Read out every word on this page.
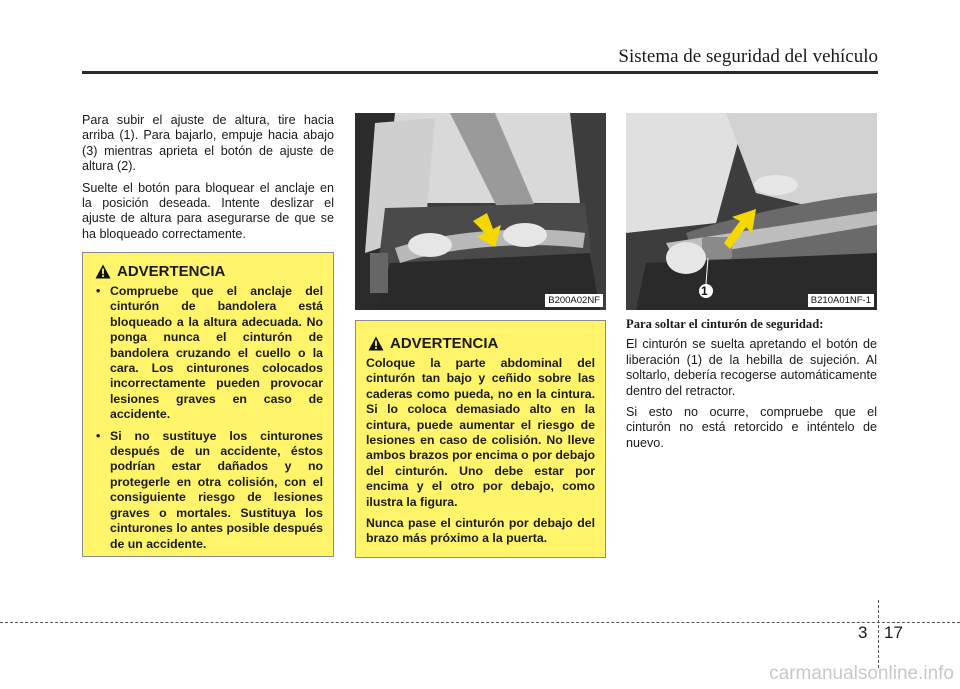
Sistema de seguridad del vehículo

Para subir el ajuste de altura, tire hacia arriba (1). Para bajarlo, empuje hacia abajo (3) mientras aprieta el botón de ajuste de altura (2).

Suelte el botón para bloquear el anclaje en la posición deseada. Intente deslizar el ajuste de altura para asegurarse de que se ha bloqueado correctamente.

ADVERTENCIA
• Compruebe que el anclaje del cinturón de bandolera está bloqueado a la altura adecuada. No ponga nunca el cinturón de bandolera cruzando el cuello o la cara. Los cinturones colocados incorrectamente pueden provocar lesiones graves en caso de accidente.
• Si no sustituye los cinturones después de un accidente, éstos podrían estar dañados y no protegerle en otra colisión, con el consiguiente riesgo de lesiones graves o mortales. Sustituya los cinturones lo antes posible después de un accidente.
B200A02NF
ADVERTENCIA

Coloque la parte abdominal del cinturón tan bajo y ceñido sobre las caderas como pueda, no en la cintura. Si lo coloca demasiado alto en la cintura, puede aumentar el riesgo de lesiones en caso de colisión. No lleve ambos brazos por encima o por debajo del cinturón. Uno debe estar por encima y el otro por debajo, como ilustra la figura.

Nunca pase el cinturón por debajo del brazo más próximo a la puerta.

1
B210A01NF-1

Para soltar el cinturón de seguridad:

El cinturón se suelta apretando el botón de liberación (1) de la hebilla de sujeción. Al soltarlo, debería recogerse automáticamente dentro del retractor.

Si esto no ocurre, compruebe que el cinturón no está retorcido e inténtelo de nuevo.

3 17
carmanualsonline.info
